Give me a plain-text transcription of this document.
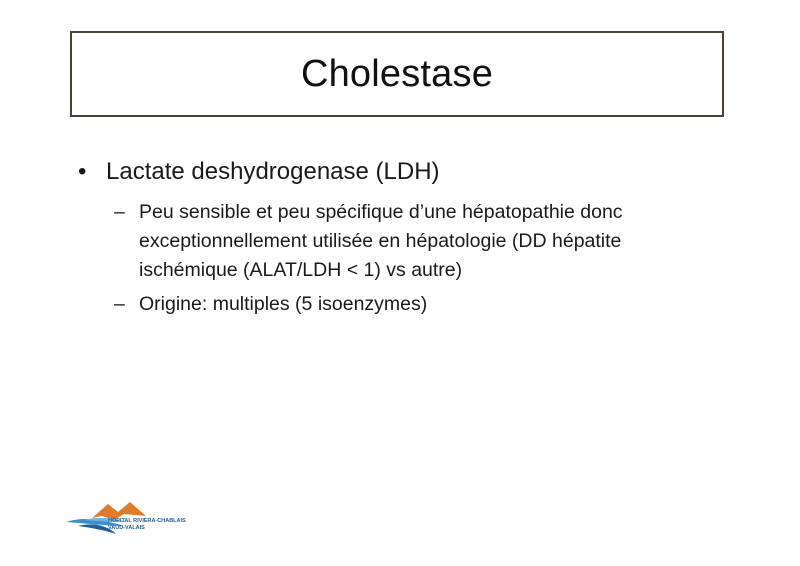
Cholestase
• Lactate deshydrogenase (LDH)
– Peu sensible et peu spécifique d’une hépatopathie donc exceptionnellement utilisée en hépatologie (DD hépatite ischémique (ALAT/LDH < 1) vs autre)
– Origine: multiples (5 isoenzymes)
HÔPITAL RIVIERA-CHABLAIS
VAUD-VALAIS
